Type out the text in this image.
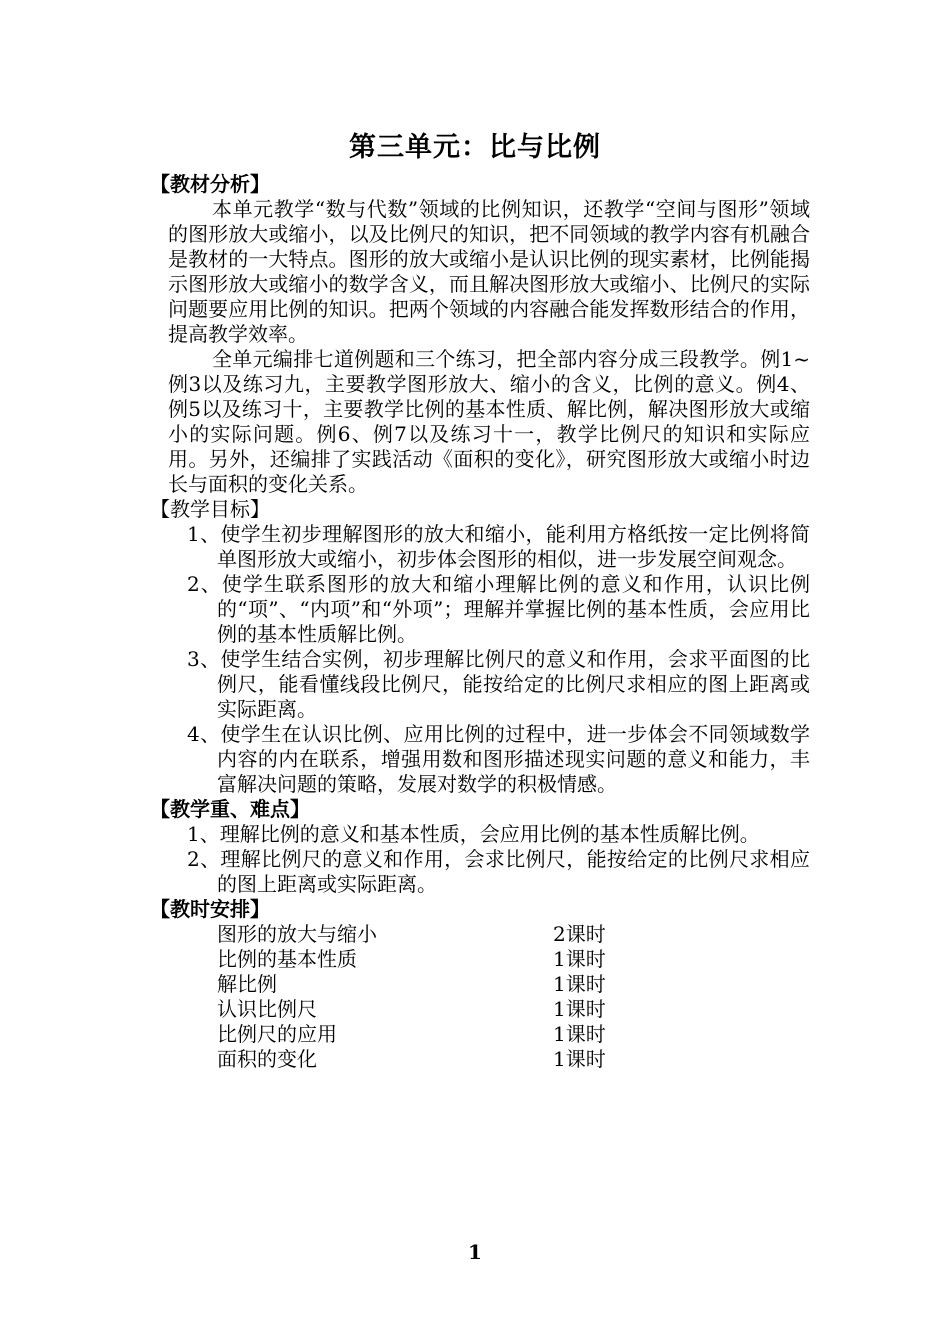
第三单元：比与比例

【教材分析】

本单元教学“数与代数”领域的比例知识，还教学“空间与图形”领域的图形放大或缩小，以及比例尺的知识，把不同领域的教学内容有机融合是教材的一大特点。图形的放大或缩小是认识比例的现实素材，比例能揭示图形放大或缩小的数学含义，而且解决图形放大或缩小、比例尺的实际问题要应用比例的知识。把两个领域的内容融合能发挥数形结合的作用，提高教学效率。

全单元编排七道例题和三个练习，把全部内容分成三段教学。例1~例3以及练习九，主要教学图形放大、缩小的含义，比例的意义。例4、例5以及练习十，主要教学比例的基本性质、解比例，解决图形放大或缩小的实际问题。例6、例7以及练习十一，教学比例尺的知识和实际应用。另外，还编排了实践活动《面积的变化》，研究图形放大或缩小时边长与面积的变化关系。

【教学目标】

1、使学生初步理解图形的放大和缩小，能利用方格纸按一定比例将简单图形放大或缩小，初步体会图形的相似，进一步发展空间观念。

2、使学生联系图形的放大和缩小理解比例的意义和作用，认识比例的“项”、“内项”和“外项”；理解并掌握比例的基本性质，会应用比例的基本性质解比例。

3、使学生结合实例，初步理解比例尺的意义和作用，会求平面图的比例尺，能看懂线段比例尺，能按给定的比例尺求相应的图上距离或实际距离。

4、使学生在认识比例、应用比例的过程中，进一步体会不同领域数学内容的内在联系，增强用数和图形描述现实问题的意义和能力，丰富解决问题的策略，发展对数学的积极情感。

【教学重、难点】

1、理解比例的意义和基本性质，会应用比例的基本性质解比例。

2、理解比例尺的意义和作用，会求比例尺，能按给定的比例尺求相应的图上距离或实际距离。

【教时安排】

图形的放大与缩小	2课时
比例的基本性质	1课时
解比例	1课时
认识比例尺	1课时
比例尺的应用	1课时
面积的变化	1课时
1
